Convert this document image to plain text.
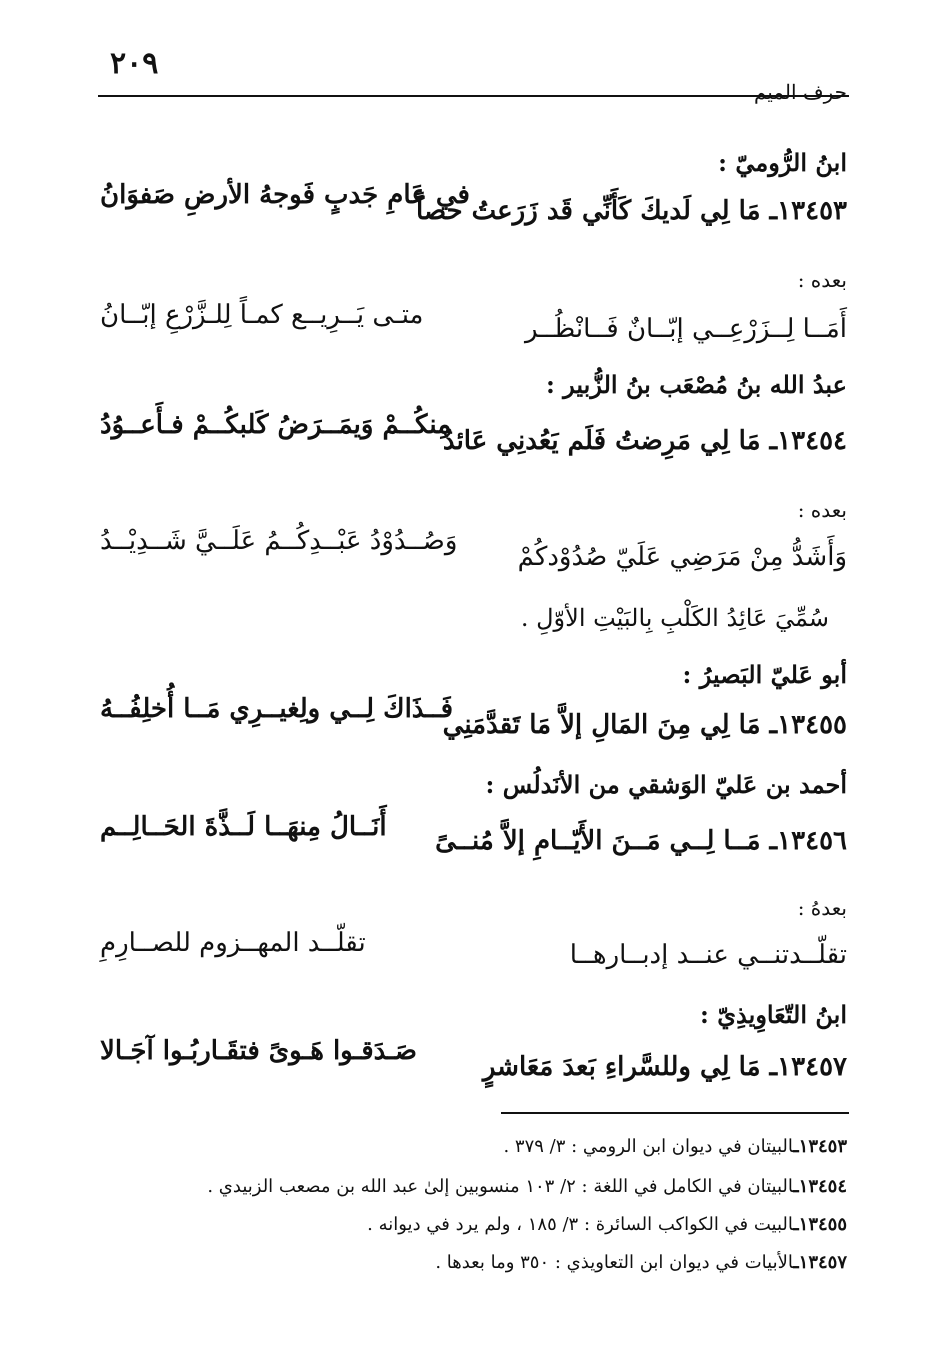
٢٠٩
حرف الميم
ابنُ الرُّوميّ :
١٣٤٥٣ـ مَا لِي لَديكَ كَأَنِّي قَد زَرَعتُ حصاً
في عَامِ جَدبٍ فَوجهُ الأرضِ صَفوَانُ
بعده :
أَمَــا لِــزَرْعِــي إبّــانٌ فَــانْظُــر
متـى يَــرِيــع كمـاً لِلـزَّرْعِ إبّــانُ
عبدُ الله بنُ مُصْعَب بنُ الزُّبير :
١٣٤٥٤ـ مَا لِي مَرِضتُ فَلَم يَعُدنِي عَائدٌ
مِنكُــمْ وَيمَــرَضُ كَلبكُــمْ فـأَعــوُدُ
بعده :
وَأَشَدُّ مِنْ مَرَضِي عَلَيّ صُدُوْدكُمْ
وَصُــدُوْدُ عَبْــدِكُــمُ عَلَــيَّ شَــدِيْــدُ
سُمِّيَ عَائِدُ الكَلْبِ بِالبَيْتِ الأوّلِ .
أبو عَليّ البَصيرُ :
١٣٤٥٥ـ مَا لِي مِنَ المَالِ إلاَّ مَا تَقدَّمَنِي
فَــذَاكَ لِــي ولِغيــرِي مَــا أُخلِفُــهُ
أحمد بن عَليّ الوَشقي من الأنَدلُس :
١٣٤٥٦ـ مَــا لِــي مَــنَ الأَيّــامِ إلاَّ مُنــىً
أَنَــالُ مِنهَــا لَــذَّةَ الحَــالِــم
بعدهُ :
تقلّــدتنــي عنــد إدبــارهــا
تقلّــد المهــزوم للصــارِمِ
ابنُ التّعَاوِيذِيّ :
١٣٤٥٧ـ مَا لِي وللسَّراءِ بَعدَ مَعَاشرٍ
صَـدَقـوا هَـوىً فتقَـاربُـوا آجَـالا
١٣٤٥٣ـالبيتان في ديوان ابن الرومي : ٣/ ٣٧٩ .
١٣٤٥٤ـالبيتان في الكامل في اللغة : ٢/ ١٠٣ منسوبين إلىٰ عبد الله بن مصعب الزبيدي .
١٣٤٥٥ـالبيت في الكواكب السائرة : ٣/ ١٨٥ ، ولم يرد في ديوانه .
١٣٤٥٧ـالأبيات في ديوان ابن التعاويذي : ٣٥٠ وما بعدها .
